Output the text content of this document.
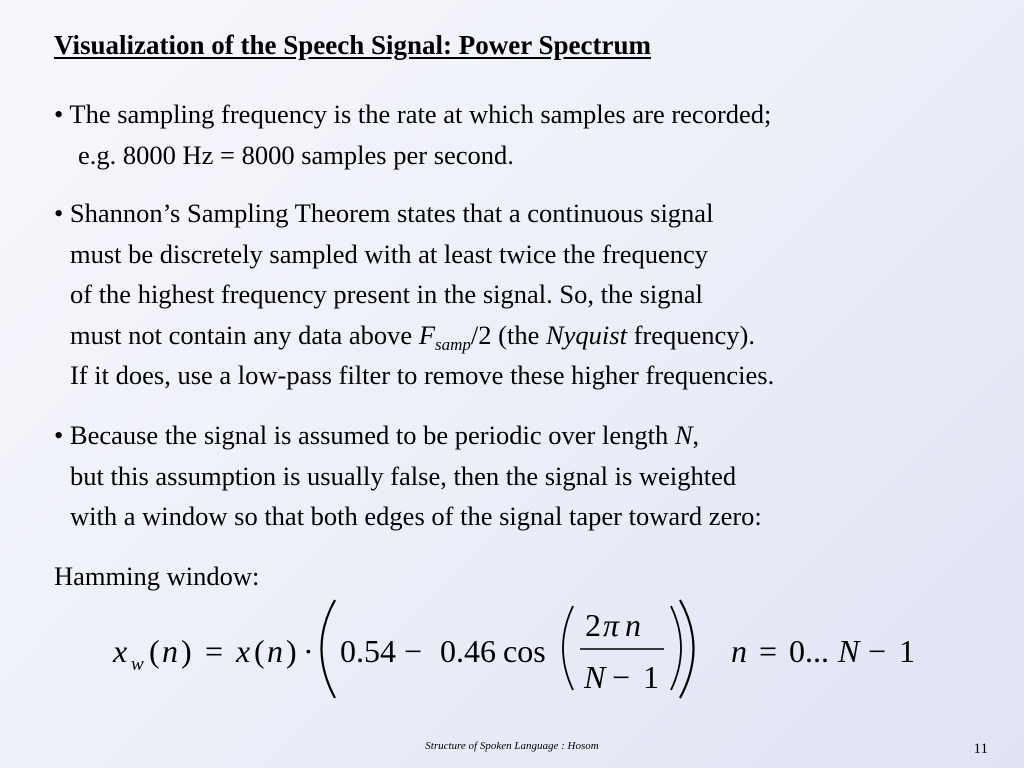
Visualization of the Speech Signal: Power Spectrum
• The sampling frequency is the rate at which samples are recorded;
e.g. 8000 Hz = 8000 samples per second.
• Shannon’s Sampling Theorem states that a continuous signal
must be discretely sampled with at least twice the frequency
of the highest frequency present in the signal. So, the signal
must not contain any data above $F_{samp}/2$ (the Nyquist frequency).
If it does, use a low-pass filter to remove these higher frequencies.
• Because the signal is assumed to be periodic over length N,
but this assumption is usually false, then the signal is weighted
with a window so that both edges of the signal taper toward zero:
Hamming window:
x w ( n ) = x ( n ) · 0.54 − 0.46 cos
2 π n
N − 1
n = 0... N − 1
Structure of Spoken Language : Hosom	11
